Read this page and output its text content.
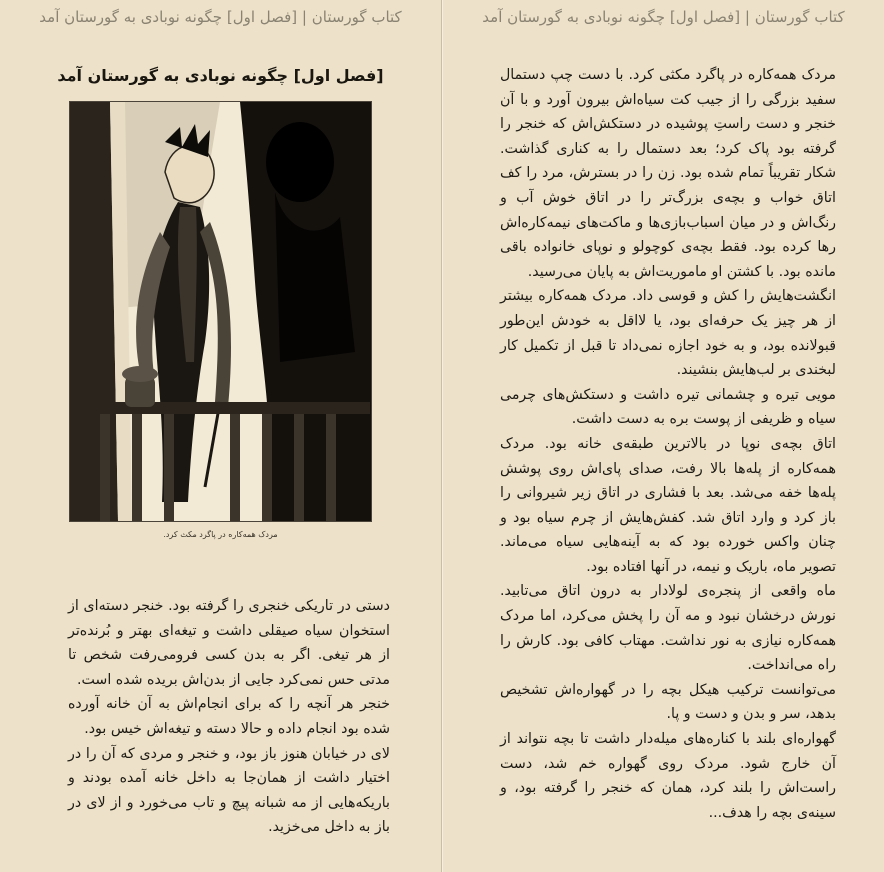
کتاب گورستان | [فصل اول] چگونه نوبادی به گورستان آمد
[فصل اول] چگونه نوبادی به گورستان آمد
مردک همه‌کاره در پاگرد مکث کرد.

دستی در تاریکی خنجری را گرفته بود. خنجر دسته‌ای از استخوان سیاه صیقلی داشت و تیغه‌ای بهتر و بُرنده‌تر از هر تیغی. اگر به بدن کسی فرومی‌رفت شخص تا مدتی حس نمی‌کرد جایی از بدن‌اش بریده شده است.

خنجر هر آنچه را که برای انجام‌اش به آن خانه آورده شده بود انجام داده و حالا دسته و تیغه‌اش خیس بود.

لای در خیابان هنوز باز بود، و خنجر و مردی که آن را در اختیار داشت از همان‌جا به داخل خانه آمده بودند و باریکه‌هایی از مه شبانه پیچ و تاب می‌خورد و از لای در باز به داخل می‌خزید.

کتاب گورستان | [فصل اول] چگونه نوبادی به گورستان آمد

مردک همه‌کاره در پاگرد مکثی کرد. با دست چپ دستمال سفید بزرگی را از جیب کت سیاه‌اش بیرون آورد و با آن خنجر و دست راستِ پوشیده در دستکش‌اش که خنجر را گرفته بود پاک کرد؛ بعد دستمال را به کناری گذاشت. شکار تقریباً تمام شده بود. زن را در بسترش، مرد را کف اتاق خواب و بچه‌ی بزرگ‌تر را در اتاق خوش آب و رنگ‌اش و در میان اسباب‌بازی‌ها و ماکت‌های نیمه‌کاره‌اش رها کرده بود. فقط بچه‌ی کوچولو و نوپای خانواده باقی مانده بود. با کشتن او ماموریت‌اش به پایان می‌رسید.

انگشت‌هایش را کش و قوسی داد. مردک همه‌کاره بیشتر از هر چیز یک حرفه‌ای بود، یا لااقل به خودش این‌طور قبولانده بود، و به خود اجازه نمی‌داد تا قبل از تکمیل کار لبخندی بر لب‌هایش بنشیند.

مویی تیره و چشمانی تیره داشت و دستکش‌های چرمی سیاه و ظریفی از پوست بره به دست داشت.

اتاق بچه‌ی نوپا در بالاترین طبقه‌ی خانه بود. مردک همه‌کاره از پله‌ها بالا رفت، صدای پای‌اش روی پوشش پله‌ها خفه می‌شد. بعد با فشاری در اتاق زیر شیروانی را باز کرد و وارد اتاق شد. کفش‌هایش از چرم سیاه بود و چنان واکس خورده بود که به آینه‌هایی سیاه می‌ماند. تصویر ماه، باریک و نیمه، در آنها افتاده بود.

ماه واقعی از پنجره‌ی لولادار به درون اتاق می‌تابید. نورش درخشان نبود و مه آن را پخش می‌کرد، اما مردک همه‌کاره نیازی به نور نداشت. مهتاب کافی بود. کارش را راه می‌انداخت.

می‌توانست ترکیب هیکل بچه را در گهواره‌اش تشخیص بدهد، سر و بدن و دست و پا.

گهواره‌ای بلند با کناره‌های میله‌دار داشت تا بچه نتواند از آن خارج شود. مردک روی گهواره خم شد، دست راست‌اش را بلند کرد، همان که خنجر را گرفته بود، و سینه‌ی بچه را هدف...
